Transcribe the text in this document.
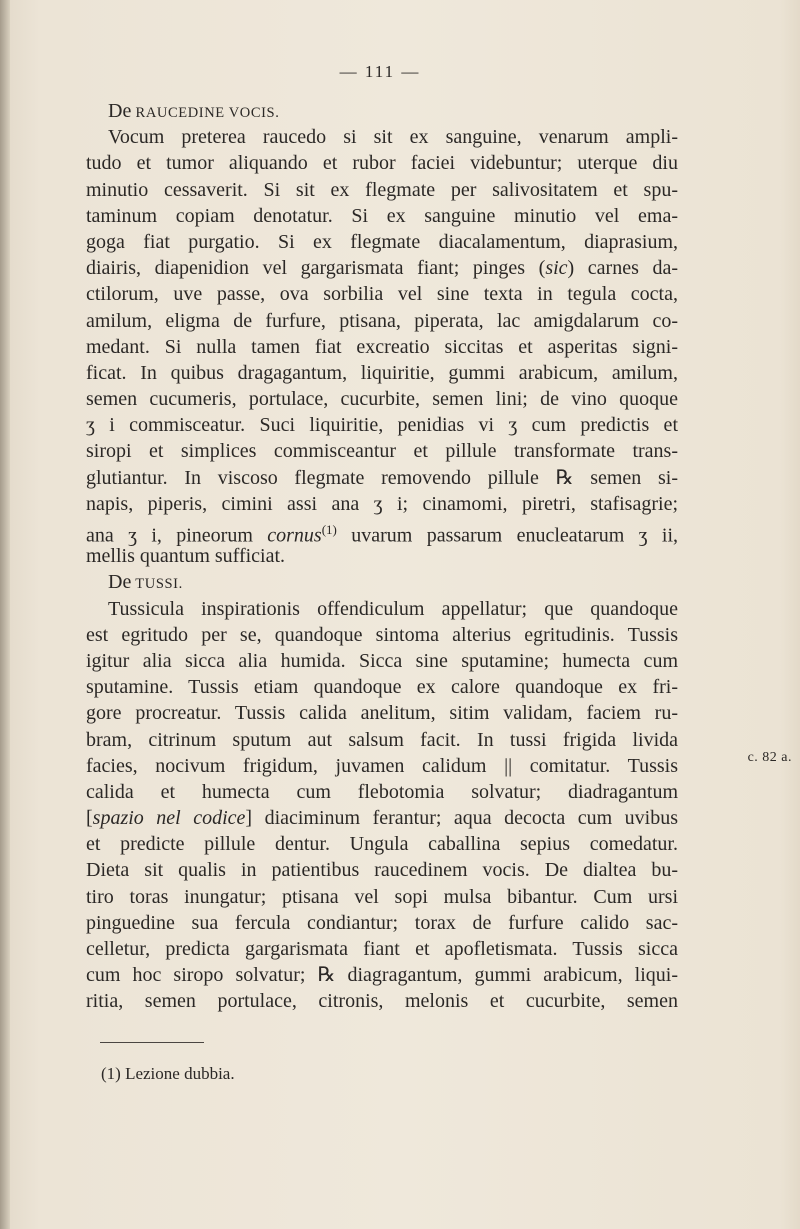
— 111 —
De RAUCEDINE VOCIS.
Vocum preterea raucedo si sit ex sanguine, venarum ampli-
tudo et tumor aliquando et rubor faciei videbuntur; uterque diu
minutio cessaverit. Si sit ex flegmate per salivositatem et spu-
taminum copiam denotatur. Si ex sanguine minutio vel ema-
goga fiat purgatio. Si ex flegmate diacalamentum, diaprasium,
diairis, diapenidion vel gargarismata fiant; pinges (sic) carnes da-
ctilorum, uve passe, ova sorbilia vel sine texta in tegula cocta,
amilum, eligma de furfure, ptisana, piperata, lac amigdalarum co-
medant. Si nulla tamen fiat excreatio siccitas et asperitas signi-
ficat. In quibus dragagantum, liquiritie, gummi arabicum, amilum,
semen cucumeris, portulace, cucurbite, semen lini; de vino quoque
ʒ i commisceatur. Suci liquiritie, penidias vi ʒ cum predictis et
siropi et simplices commisceantur et pillule transformate trans-
glutiantur. In viscoso flegmate removendo pillule ℞ semen si-
napis, piperis, cimini assi ana ʒ i; cinamomi, piretri, stafisagrie;
ana ʒ i, pineorum cornus$^{(1)}$ uvarum passarum enucleatarum ʒ ii,
mellis quantum sufficiat.
De TUSSI.
Tussicula inspirationis offendiculum appellatur; que quandoque
est egritudo per se, quandoque sintoma alterius egritudinis. Tussis
igitur alia sicca alia humida. Sicca sine sputamine; humecta cum
sputamine. Tussis etiam quandoque ex calore quandoque ex fri-
gore procreatur. Tussis calida anelitum, sitim validam, faciem ru-
bram, citrinum sputum aut salsum facit. In tussi frigida livida
facies, nocivum frigidum, juvamen calidum || comitatur. Tussis
calida et humecta cum flebotomia solvatur; diadragantum
[spazio nel codice] diaciminum ferantur; aqua decocta cum uvibus
et predicte pillule dentur. Ungula caballina sepius comedatur.
Dieta sit qualis in patientibus raucedinem vocis. De dialtea bu-
tiro toras inungatur; ptisana vel sopi mulsa bibantur. Cum ursi
pinguedine sua fercula condiantur; torax de furfure calido sac-
celletur, predicta gargarismata fiant et apofletismata. Tussis sicca
cum hoc siropo solvatur; ℞ diagragantum, gummi arabicum, liqui-
ritia, semen portulace, citronis, melonis et cucurbite, semen
c. 82 a.
(1) Lezione dubbia.
